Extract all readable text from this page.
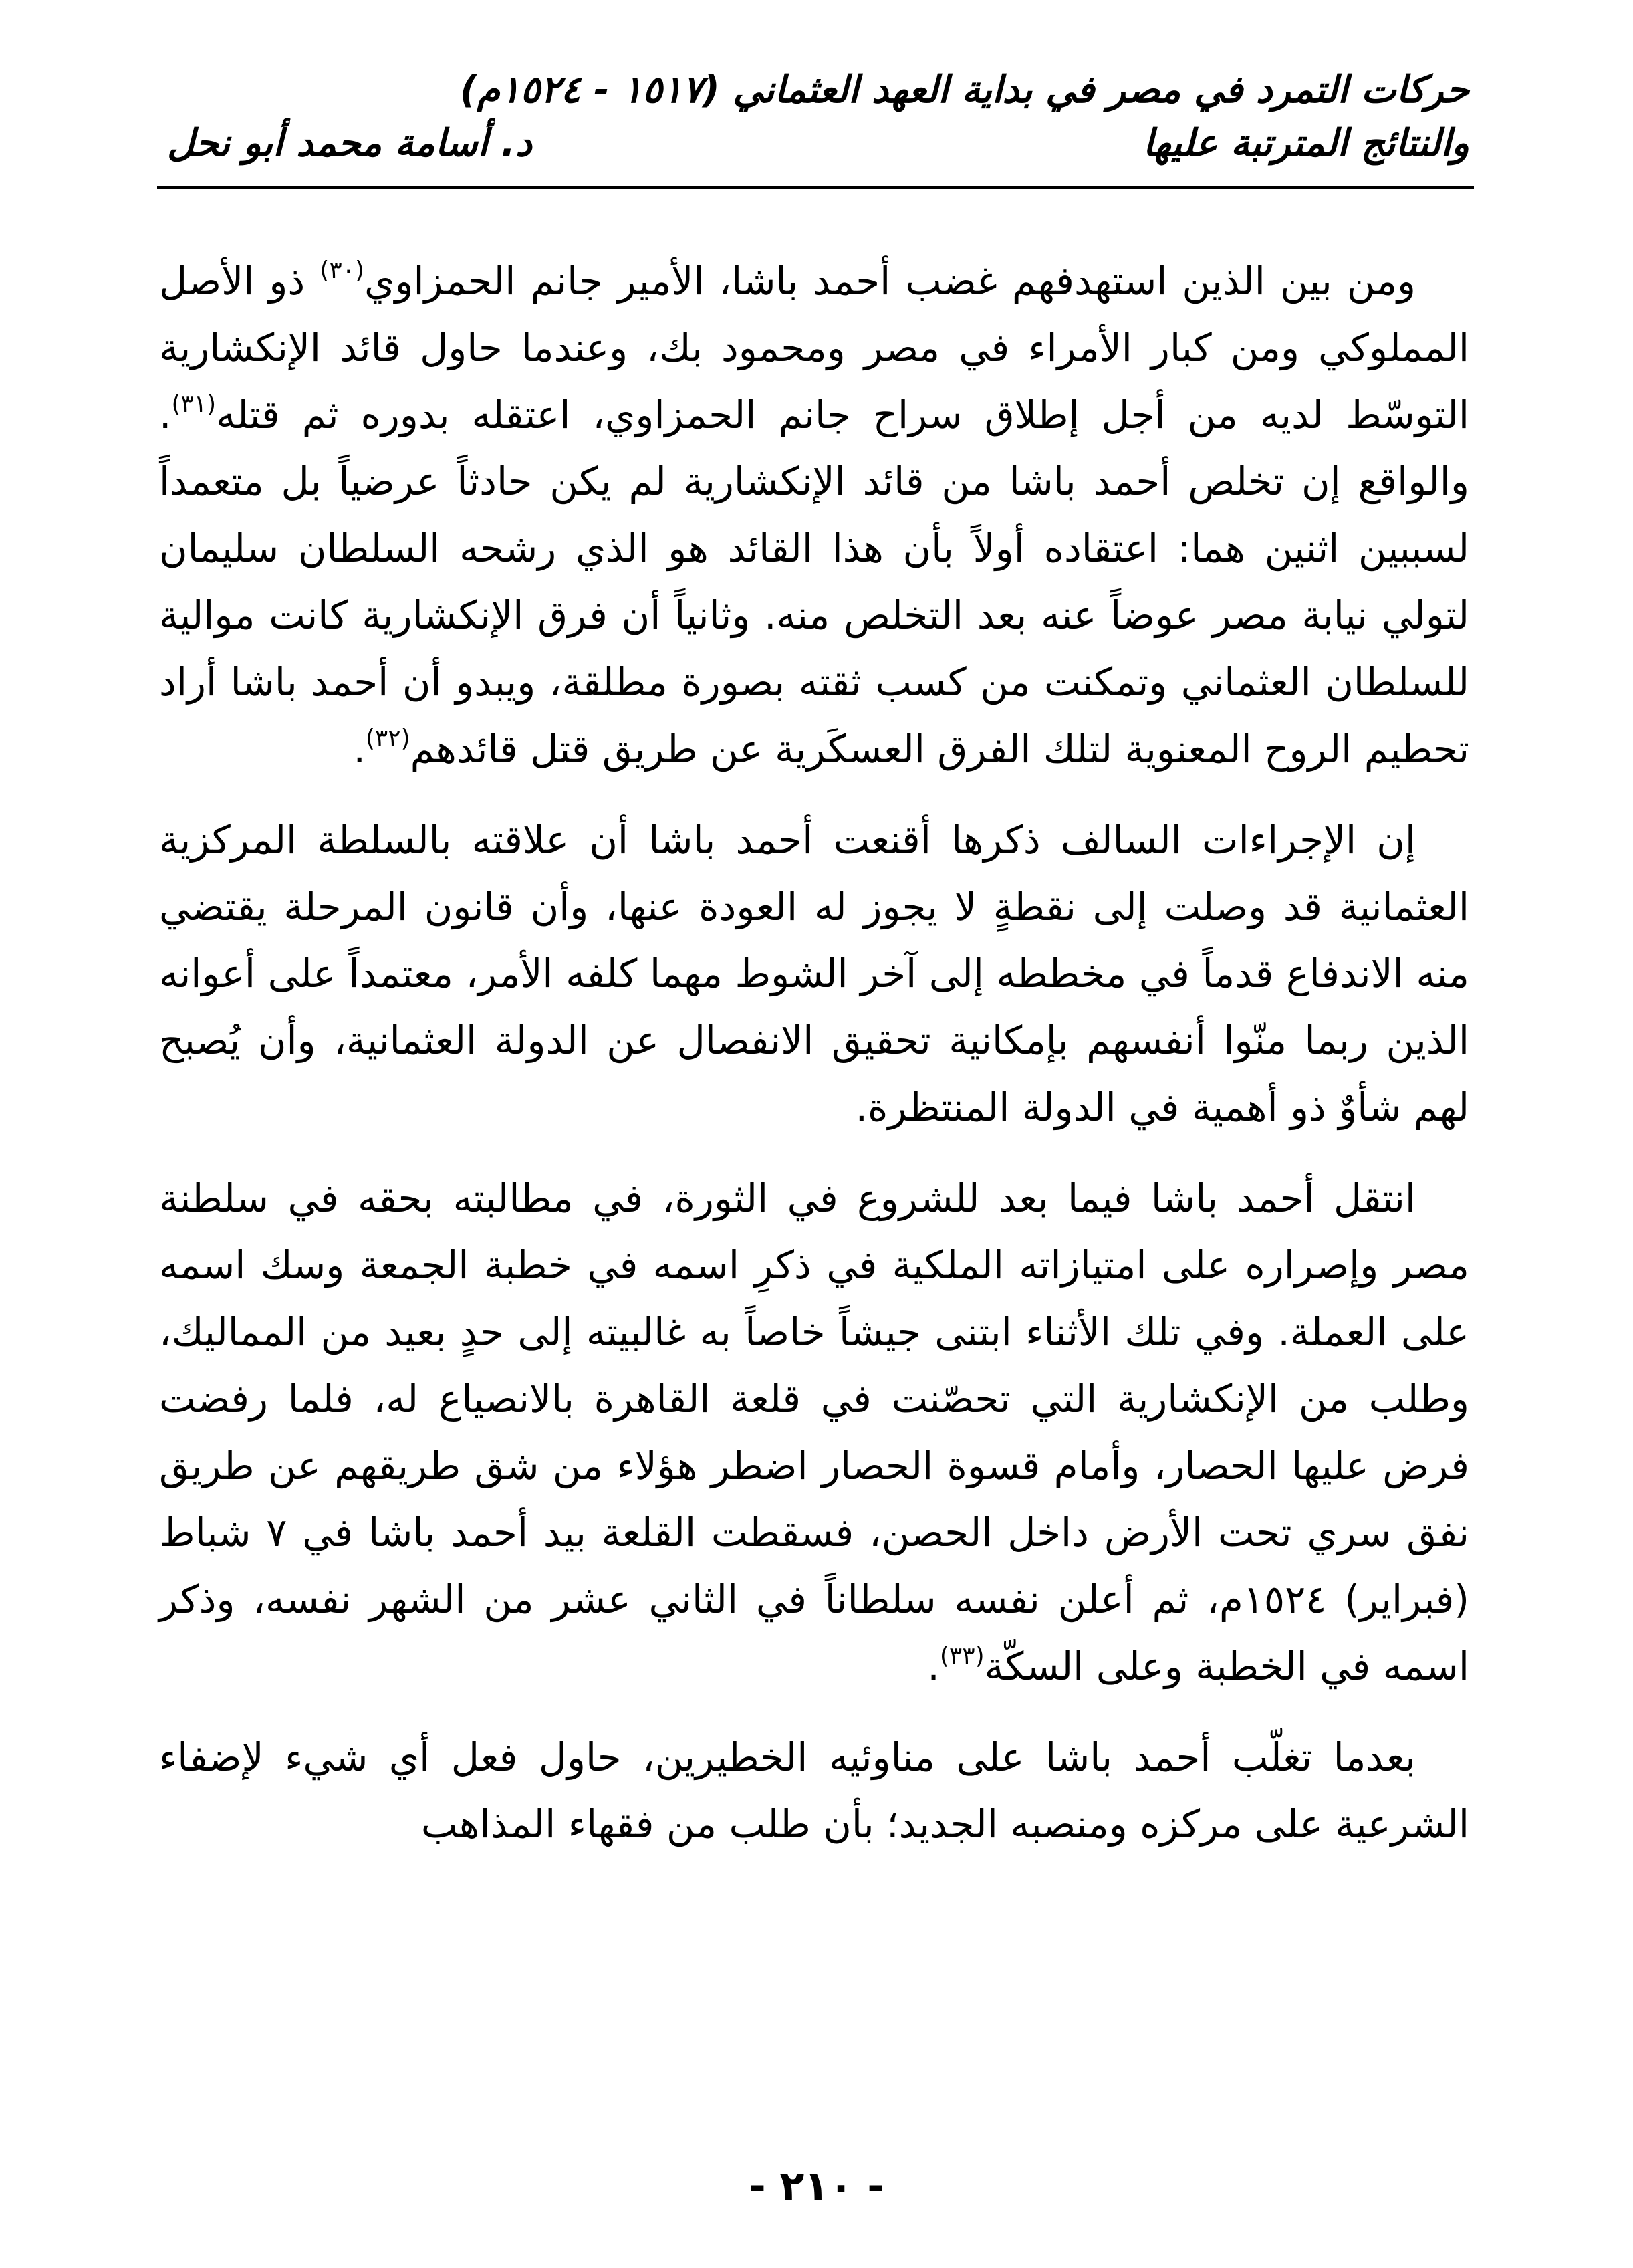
حركات التمرد في مصر في بداية العهد العثماني (١٥١٧ - ١٥٢٤م)
والنتائج المترتبة عليها
د. أسامة محمد أبو نحل

ومن بين الذين استهدفهم غضب أحمد باشا، الأمير جانم الحمزاوي$^{(٣٠)}$ ذو الأصل المملوكي ومن كبار الأمراء في مصر ومحمود بك، وعندما حاول قائد الإنكشارية التوسّط لديه من أجل إطلاق سراح جانم الحمزاوي، اعتقله بدوره ثم قتله$^{(٣١)}$. والواقع إن تخلص أحمد باشا من قائد الإنكشارية لم يكن حادثاً عرضياً بل متعمداً لسببين اثنين هما: اعتقاده أولاً بأن هذا القائد هو الذي رشحه السلطان سليمان لتولي نيابة مصر عوضاً عنه بعد التخلص منه. وثانياً أن فرق الإنكشارية كانت موالية للسلطان العثماني وتمكنت من كسب ثقته بصورة مطلقة، ويبدو أن أحمد باشا أراد تحطيم الروح المعنوية لتلك الفرق العسكَرية عن طريق قتل قائدهم$^{(٣٢)}$.

إن الإجراءات السالف ذكرها أقنعت أحمد باشا أن علاقته بالسلطة المركزية العثمانية قد وصلت إلى نقطةٍ لا يجوز له العودة عنها، وأن قانون المرحلة يقتضي منه الاندفاع قدماً في مخططه إلى آخر الشوط مهما كلفه الأمر، معتمداً على أعوانه الذين ربما منّوا أنفسهم بإمكانية تحقيق الانفصال عن الدولة العثمانية، وأن يُصبح لهم شأوٌ ذو أهمية في الدولة المنتظرة.

انتقل أحمد باشا فيما بعد للشروع في الثورة، في مطالبته بحقه في سلطنة مصر وإصراره على امتيازاته الملكية في ذكرِ اسمه في خطبة الجمعة وسك اسمه على العملة. وفي تلك الأثناء ابتنى جيشاً خاصاً به غالبيته إلى حدٍ بعيد من المماليك، وطلب من الإنكشارية التي تحصّنت في قلعة القاهرة بالانصياع له، فلما رفضت فرض عليها الحصار، وأمام قسوة الحصار اضطر هؤلاء من شق طريقهم عن طريق نفق سري تحت الأرض داخل الحصن، فسقطت القلعة بيد أحمد باشا في ٧ شباط (فبراير) ١٥٢٤م، ثم أعلن نفسه سلطاناً في الثاني عشر من الشهر نفسه، وذكر اسمه في الخطبة وعلى السكّة$^{(٣٣)}$.

بعدما تغلّب أحمد باشا على مناوئيه الخطيرين، حاول فعل أي شيء لإضفاء الشرعية على مركزه ومنصبه الجديد؛ بأن طلب من فقهاء المذاهب

- ٢١٠ -
